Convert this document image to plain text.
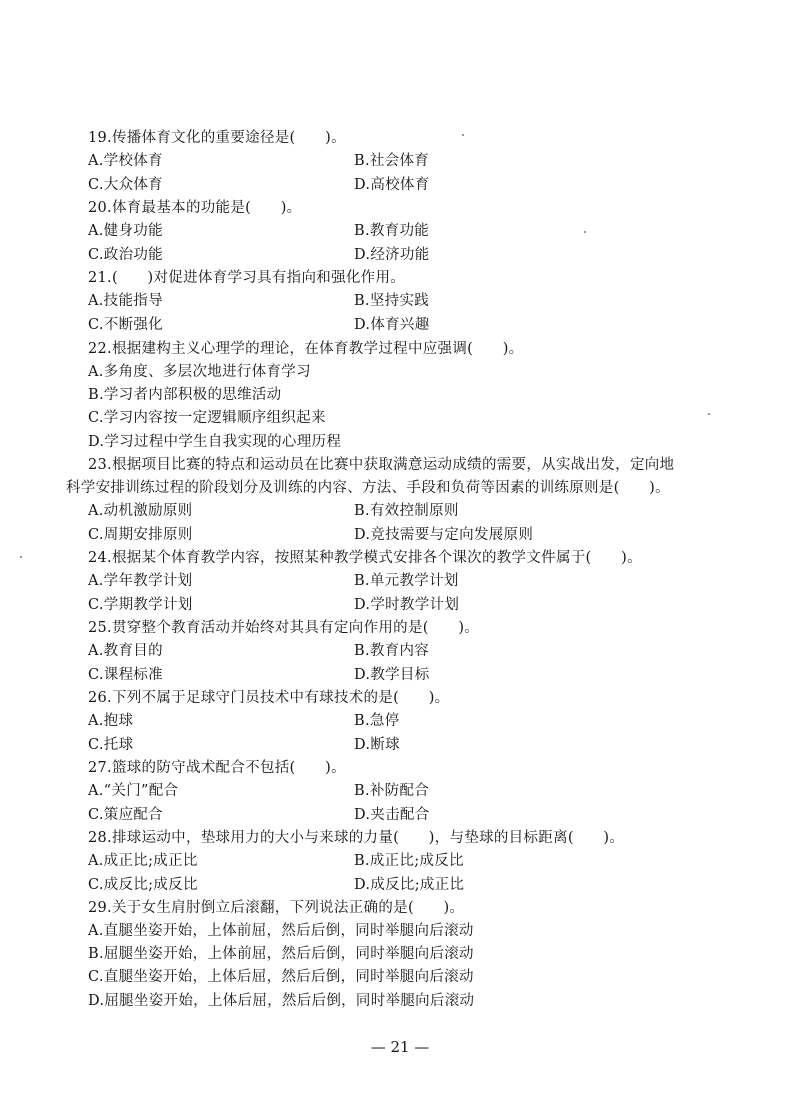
19.传播体育文化的重要途径是(　　)。
A.学校体育	B.社会体育
C.大众体育	D.高校体育
20.体育最基本的功能是(　　)。
A.健身功能	B.教育功能
C.政治功能	D.经济功能
21.(　　)对促进体育学习具有指向和强化作用。
A.技能指导	B.坚持实践
C.不断强化	D.体育兴趣
22.根据建构主义心理学的理论，在体育教学过程中应强调(　　)。
A.多角度、多层次地进行体育学习
B.学习者内部积极的思维活动
C.学习内容按一定逻辑顺序组织起来
D.学习过程中学生自我实现的心理历程
23.根据项目比赛的特点和运动员在比赛中获取满意运动成绩的需要，从实战出发，定向地
科学安排训练过程的阶段划分及训练的内容、方法、手段和负荷等因素的训练原则是(　　)。
A.动机激励原则	B.有效控制原则
C.周期安排原则	D.竞技需要与定向发展原则
24.根据某个体育教学内容，按照某种教学模式安排各个课次的教学文件属于(　　)。
A.学年教学计划	B.单元教学计划
C.学期教学计划	D.学时教学计划
25.贯穿整个教育活动并始终对其具有定向作用的是(　　)。
A.教育目的	B.教育内容
C.课程标准	D.教学目标
26.下列不属于足球守门员技术中有球技术的是(　　)。
A.抱球	B.急停
C.托球	D.断球
27.篮球的防守战术配合不包括(　　)。
A.“关门”配合	B.补防配合
C.策应配合	D.夹击配合
28.排球运动中，垫球用力的大小与来球的力量(　　)，与垫球的目标距离(　　)。
A.成正比;成正比	B.成正比;成反比
C.成反比;成反比	D.成反比;成正比
29.关于女生肩肘倒立后滚翻，下列说法正确的是(　　)。
A.直腿坐姿开始，上体前屈，然后后倒，同时举腿向后滚动
B.屈腿坐姿开始，上体前屈，然后后倒，同时举腿向后滚动
C.直腿坐姿开始，上体后屈，然后后倒，同时举腿向后滚动
D.屈腿坐姿开始，上体后屈，然后后倒，同时举腿向后滚动
— 21 —
